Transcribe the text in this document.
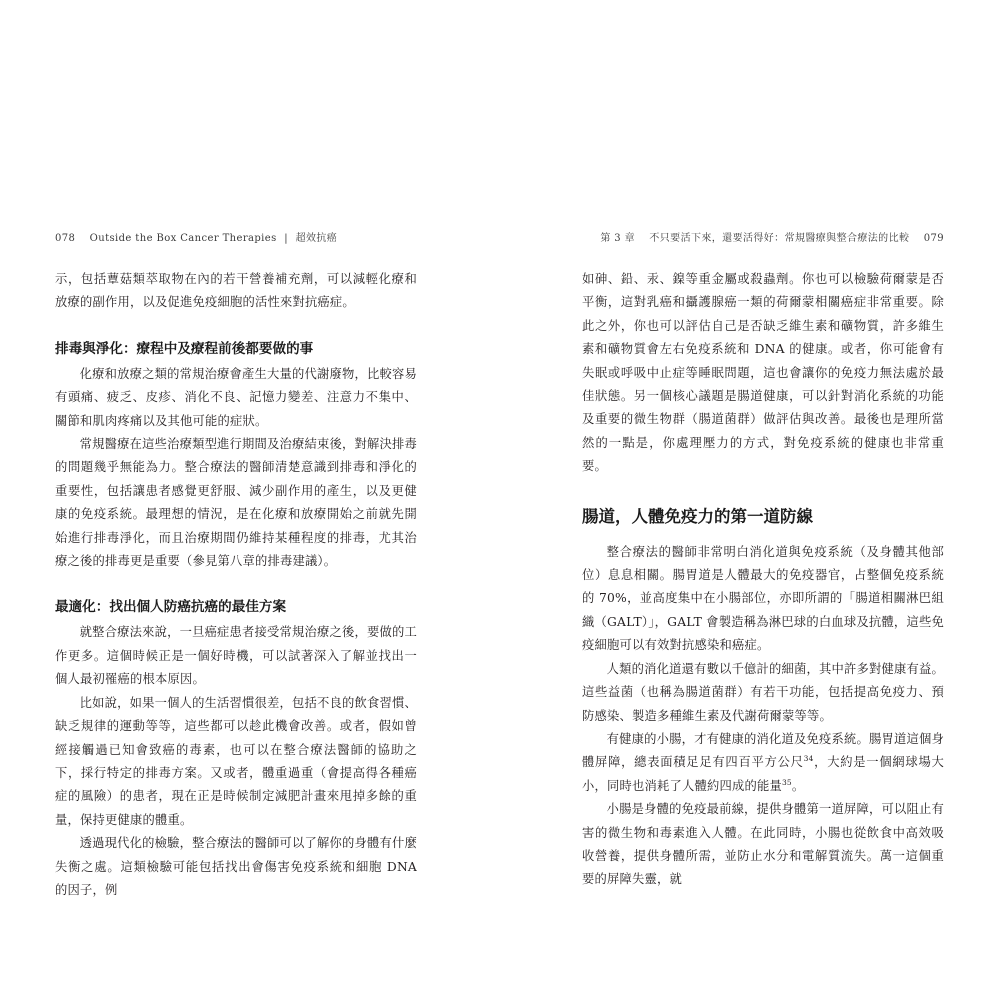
078 Outside the Box Cancer Therapies | 超效抗癌

示，包括蕈菇類萃取物在內的若干營養補充劑，可以減輕化療和放療的副作用，以及促進免疫細胞的活性來對抗癌症。

排毒與淨化：療程中及療程前後都要做的事

化療和放療之類的常規治療會產生大量的代謝廢物，比較容易有頭痛、疲乏、皮疹、消化不良、記憶力變差、注意力不集中、關節和肌肉疼痛以及其他可能的症狀。

常規醫療在這些治療類型進行期間及治療結束後，對解決排毒的問題幾乎無能為力。整合療法的醫師清楚意識到排毒和淨化的重要性，包括讓患者感覺更舒服、減少副作用的產生，以及更健康的免疫系統。最理想的情況，是在化療和放療開始之前就先開始進行排毒淨化，而且治療期間仍維持某種程度的排毒，尤其治療之後的排毒更是重要（參見第八章的排毒建議）。

最適化：找出個人防癌抗癌的最佳方案

就整合療法來說，一旦癌症患者接受常規治療之後，要做的工作更多。這個時候正是一個好時機，可以試著深入了解並找出一個人最初罹癌的根本原因。

比如說，如果一個人的生活習慣很差，包括不良的飲食習慣、缺乏規律的運動等等，這些都可以趁此機會改善。或者，假如曾經接觸過已知會致癌的毒素，也可以在整合療法醫師的協助之下，採行特定的排毒方案。又或者，體重過重（會提高得各種癌症的風險）的患者，現在正是時候制定減肥計畫來甩掉多餘的重量，保持更健康的體重。

透過現代化的檢驗，整合療法的醫師可以了解你的身體有什麼失衡之處。這類檢驗可能包括找出會傷害免疫系統和細胞 DNA 的因子，例

第 3 章 不只要活下來，還要活得好：常規醫療與整合療法的比較 079

如砷、鉛、汞、鎳等重金屬或殺蟲劑。你也可以檢驗荷爾蒙是否平衡，這對乳癌和攝護腺癌一類的荷爾蒙相關癌症非常重要。除此之外，你也可以評估自己是否缺乏維生素和礦物質，許多維生素和礦物質會左右免疫系統和 DNA 的健康。或者，你可能會有失眠或呼吸中止症等睡眠問題，這也會讓你的免疫力無法處於最佳狀態。另一個核心議題是腸道健康，可以針對消化系統的功能及重要的微生物群（腸道菌群）做評估與改善。最後也是理所當然的一點是，你處理壓力的方式，對免疫系統的健康也非常重要。

腸道，人體免疫力的第一道防線

整合療法的醫師非常明白消化道與免疫系統（及身體其他部位）息息相關。腸胃道是人體最大的免疫器官，占整個免疫系統的 70%，並高度集中在小腸部位，亦即所謂的「腸道相關淋巴組織（GALT）」，GALT 會製造稱為淋巴球的白血球及抗體，這些免疫細胞可以有效對抗感染和癌症。

人類的消化道還有數以千億計的細菌，其中許多對健康有益。這些益菌（也稱為腸道菌群）有若干功能，包括提高免疫力、預防感染、製造多種維生素及代謝荷爾蒙等等。

有健康的小腸，才有健康的消化道及免疫系統。腸胃道這個身體屏障，總表面積足足有四百平方公尺$^{34}$，大約是一個網球場大小，同時也消耗了人體約四成的能量$^{35}$。

小腸是身體的免疫最前線，提供身體第一道屏障，可以阻止有害的微生物和毒素進入人體。在此同時，小腸也從飲食中高效吸收營養，提供身體所需，並防止水分和電解質流失。萬一這個重要的屏障失靈，就
